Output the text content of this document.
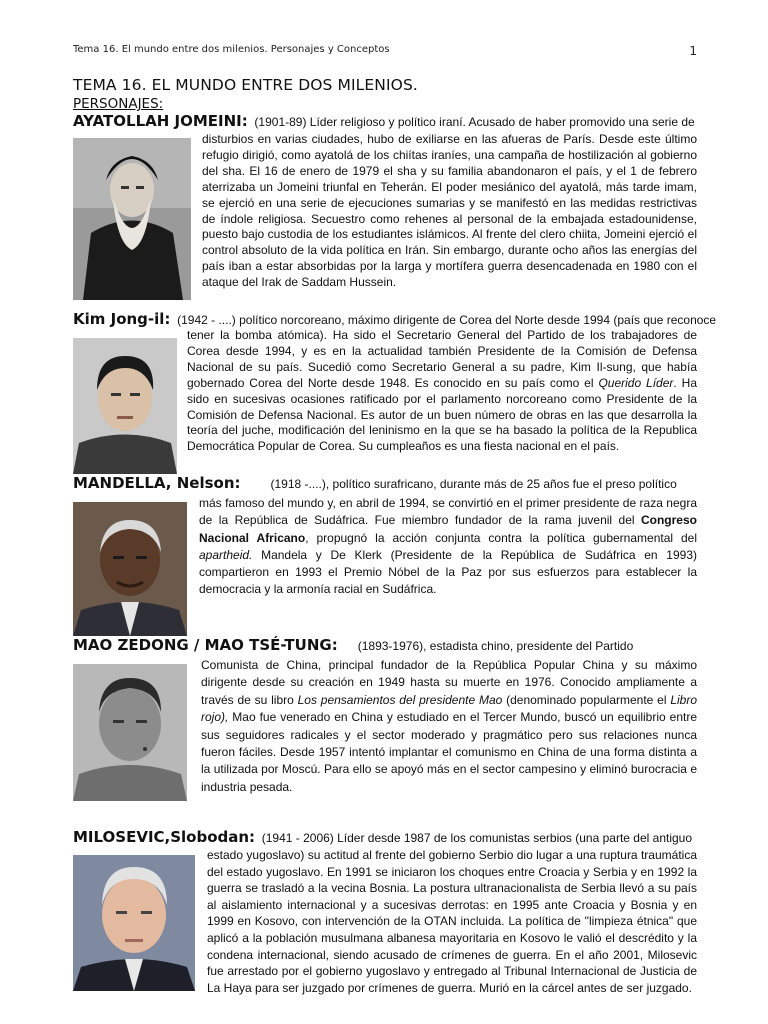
Tema 16. El mundo entre dos milenios. Personajes y Conceptos	1
TEMA 16. EL MUNDO ENTRE DOS MILENIOS.
PERSONAJES:
AYATOLLAH JOMEINI: (1901-89) Líder religioso y político iraní. Acusado de haber promovido una serie de
disturbios en varias ciudades, hubo de exiliarse en las afueras de París. Desde este último refugio dirigió, como ayatolá de los chiítas iraníes, una campaña de hostilización al gobierno del sha. El 16 de enero de 1979 el sha y su familia abandonaron el país, y el 1 de febrero aterrizaba un Jomeini triunfal en Teherán. El poder mesiánico del ayatolá, más tarde imam, se ejerció en una serie de ejecuciones sumarias y se manifestó en las medidas restrictivas de índole religiosa. Secuestro como rehenes al personal de la embajada estadounidense, puesto bajo custodia de los estudiantes islámicos. Al frente del clero chiita, Jomeini ejerció el control absoluto de la vida política en Irán. Sin embargo, durante ocho años las energías del país iban a estar absorbidas por la larga y mortífera guerra desencadenada en 1980 con el ataque del Irak de Saddam Hussein.
Kim Jong-il: (1942 - ....) político norcoreano, máximo dirigente de Corea del Norte desde 1994 (país que reconoce
tener la bomba atómica). Ha sido el Secretario General del Partido de los trabajadores de Corea desde 1994, y es en la actualidad también Presidente de la Comisión de Defensa Nacional de su país. Sucedió como Secretario General a su padre, Kim Il-sung, que había gobernado Corea del Norte desde 1948. Es conocido en su país como el Querido Líder. Ha sido en sucesivas ocasiones ratificado por el parlamento norcoreano como Presidente de la Comisión de Defensa Nacional. Es autor de un buen número de obras en las que desarrolla la teoría del juche, modificación del leninismo en la que se ha basado la política de la Republica Democrática Popular de Corea. Su cumpleaños es una fiesta nacional en el país.
MANDELLA, Nelson:	(1918 -....), político surafricano, durante más de 25 años fue el preso político
más famoso del mundo y, en abril de 1994, se convirtió en el primer presidente de raza negra de la República de Sudáfrica. Fue miembro fundador de la rama juvenil del Congreso Nacional Africano, propugnó la acción conjunta contra la política gubernamental del apartheid. Mandela y De Klerk (Presidente de la República de Sudáfrica en 1993) compartieron en 1993 el Premio Nóbel de la Paz por sus esfuerzos para establecer la democracia y la armonía racial en Sudáfrica.
MAO ZEDONG / MAO TSÉ-TUNG: (1893-1976), estadista chino, presidente del Partido
Comunista de China, principal fundador de la República Popular China y su máximo dirigente desde su creación en 1949 hasta su muerte en 1976. Conocido ampliamente a través de su libro Los pensamientos del presidente Mao (denominado popularmente el Libro rojo), Mao fue venerado en China y estudiado en el Tercer Mundo, buscó un equilibrio entre sus seguidores radicales y el sector moderado y pragmático pero sus relaciones nunca fueron fáciles. Desde 1957 intentó implantar el comunismo en China de una forma distinta a la utilizada por Moscú. Para ello se apoyó más en el sector campesino y eliminó burocracia e industria pesada.
MILOSEVIC,Slobodan: (1941 - 2006) Líder desde 1987 de los comunistas serbios (una parte del antiguo
estado yugoslavo) su actitud al frente del gobierno Serbio dio lugar a una ruptura traumática del estado yugoslavo. En 1991 se iniciaron los choques entre Croacia y Serbia y en 1992 la guerra se trasladó a la vecina Bosnia. La postura ultranacionalista de Serbia llevó a su país al aislamiento internacional y a sucesivas derrotas: en 1995 ante Croacia y Bosnia y en 1999 en Kosovo, con intervención de la OTAN incluida. La política de "limpieza étnica" que aplicó a la población musulmana albanesa mayoritaria en Kosovo le valió el descrédito y la condena internacional, siendo acusado de crímenes de guerra. En el año 2001, Milosevic fue arrestado por el gobierno yugoslavo y entregado al Tribunal Internacional de Justicia de La Haya para ser juzgado por crímenes de guerra. Murió en la cárcel antes de ser juzgado.
